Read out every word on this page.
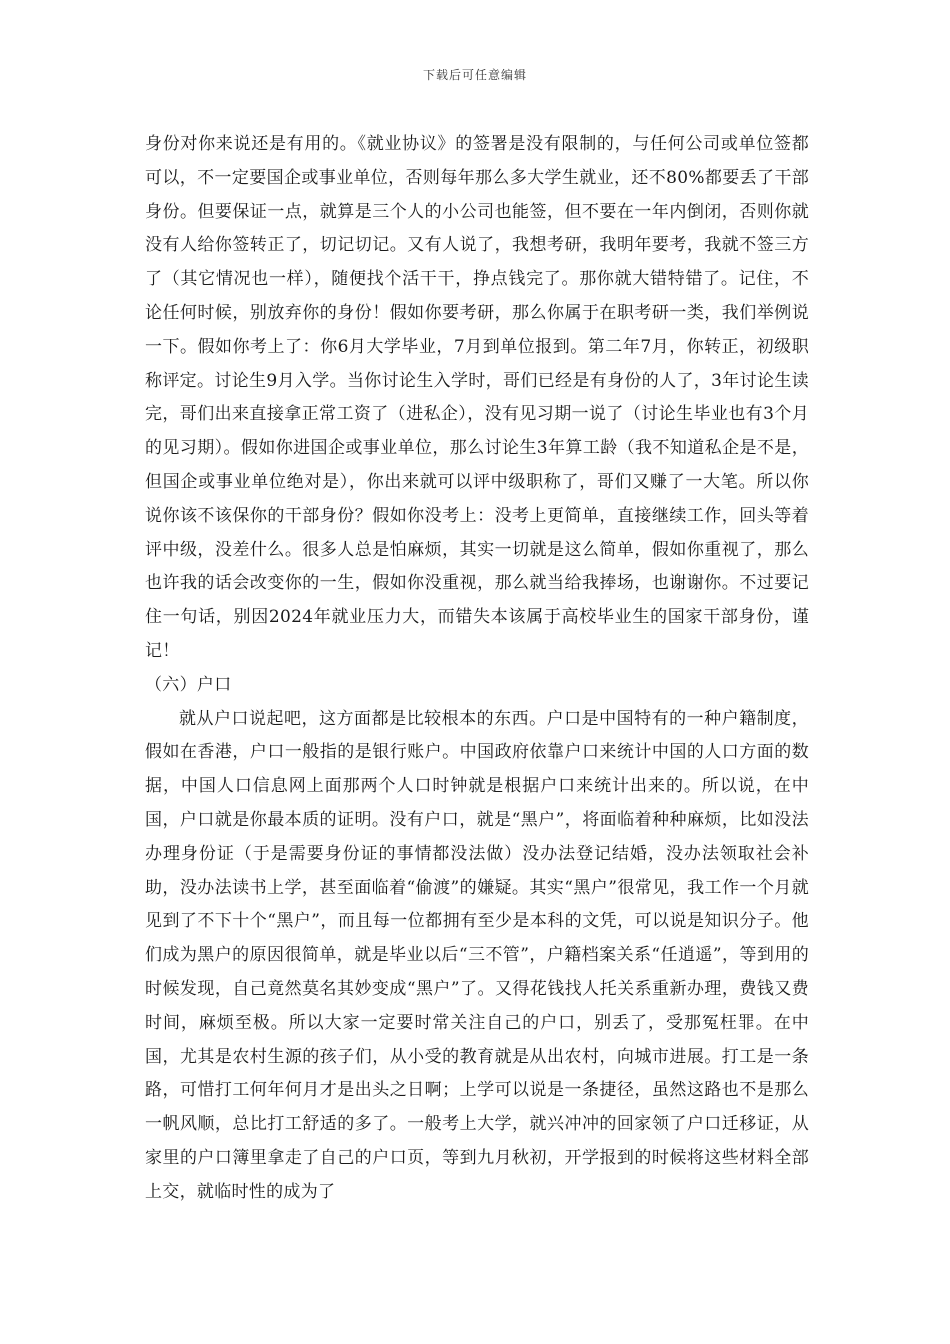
下载后可任意编辑

身份对你来说还是有用的。《就业协议》的签署是没有限制的，与任何公司或单位签都可以，不一定要国企或事业单位，否则每年那么多大学生就业，还不80%都要丢了干部身份。但要保证一点，就算是三个人的小公司也能签，但不要在一年内倒闭，否则你就没有人给你签转正了，切记切记。又有人说了，我想考研，我明年要考，我就不签三方了（其它情况也一样），随便找个活干干，挣点钱完了。那你就大错特错了。记住，不论任何时候，别放弃你的身份！假如你要考研，那么你属于在职考研一类，我们举例说一下。假如你考上了：你6月大学毕业，7月到单位报到。第二年7月，你转正，初级职称评定。讨论生9月入学。当你讨论生入学时，哥们已经是有身份的人了，3年讨论生读完，哥们出来直接拿正常工资了（进私企），没有见习期一说了（讨论生毕业也有3个月的见习期）。假如你进国企或事业单位，那么讨论生3年算工龄（我不知道私企是不是，但国企或事业单位绝对是），你出来就可以评中级职称了，哥们又赚了一大笔。所以你说你该不该保你的干部身份？假如你没考上：没考上更简单，直接继续工作，回头等着评中级，没差什么。很多人总是怕麻烦，其实一切就是这么简单，假如你重视了，那么也许我的话会改变你的一生，假如你没重视，那么就当给我捧场，也谢谢你。不过要记住一句话，别因2024年就业压力大，而错失本该属于高校毕业生的国家干部身份，谨记！

（六）户口

就从户口说起吧，这方面都是比较根本的东西。户口是中国特有的一种户籍制度，假如在香港，户口一般指的是银行账户。中国政府依靠户口来统计中国的人口方面的数据，中国人口信息网上面那两个人口时钟就是根据户口来统计出来的。所以说，在中国，户口就是你最本质的证明。没有户口，就是“黑户”，将面临着种种麻烦，比如没法办理身份证（于是需要身份证的事情都没法做）没办法登记结婚，没办法领取社会补助，没办法读书上学，甚至面临着“偷渡”的嫌疑。其实“黑户”很常见，我工作一个月就见到了不下十个“黑户”，而且每一位都拥有至少是本科的文凭，可以说是知识分子。他们成为黑户的原因很简单，就是毕业以后“三不管”，户籍档案关系“任逍遥”，等到用的时候发现，自己竟然莫名其妙变成“黑户”了。又得花钱找人托关系重新办理，费钱又费时间，麻烦至极。所以大家一定要时常关注自己的户口，别丢了，受那冤枉罪。在中国，尤其是农村生源的孩子们，从小受的教育就是从出农村，向城市进展。打工是一条路，可惜打工何年何月才是出头之日啊；上学可以说是一条捷径，虽然这路也不是那么一帆风顺，总比打工舒适的多了。一般考上大学，就兴冲冲的回家领了户口迁移证，从家里的户口簿里拿走了自己的户口页，等到九月秋初，开学报到的时候将这些材料全部上交，就临时性的成为了
